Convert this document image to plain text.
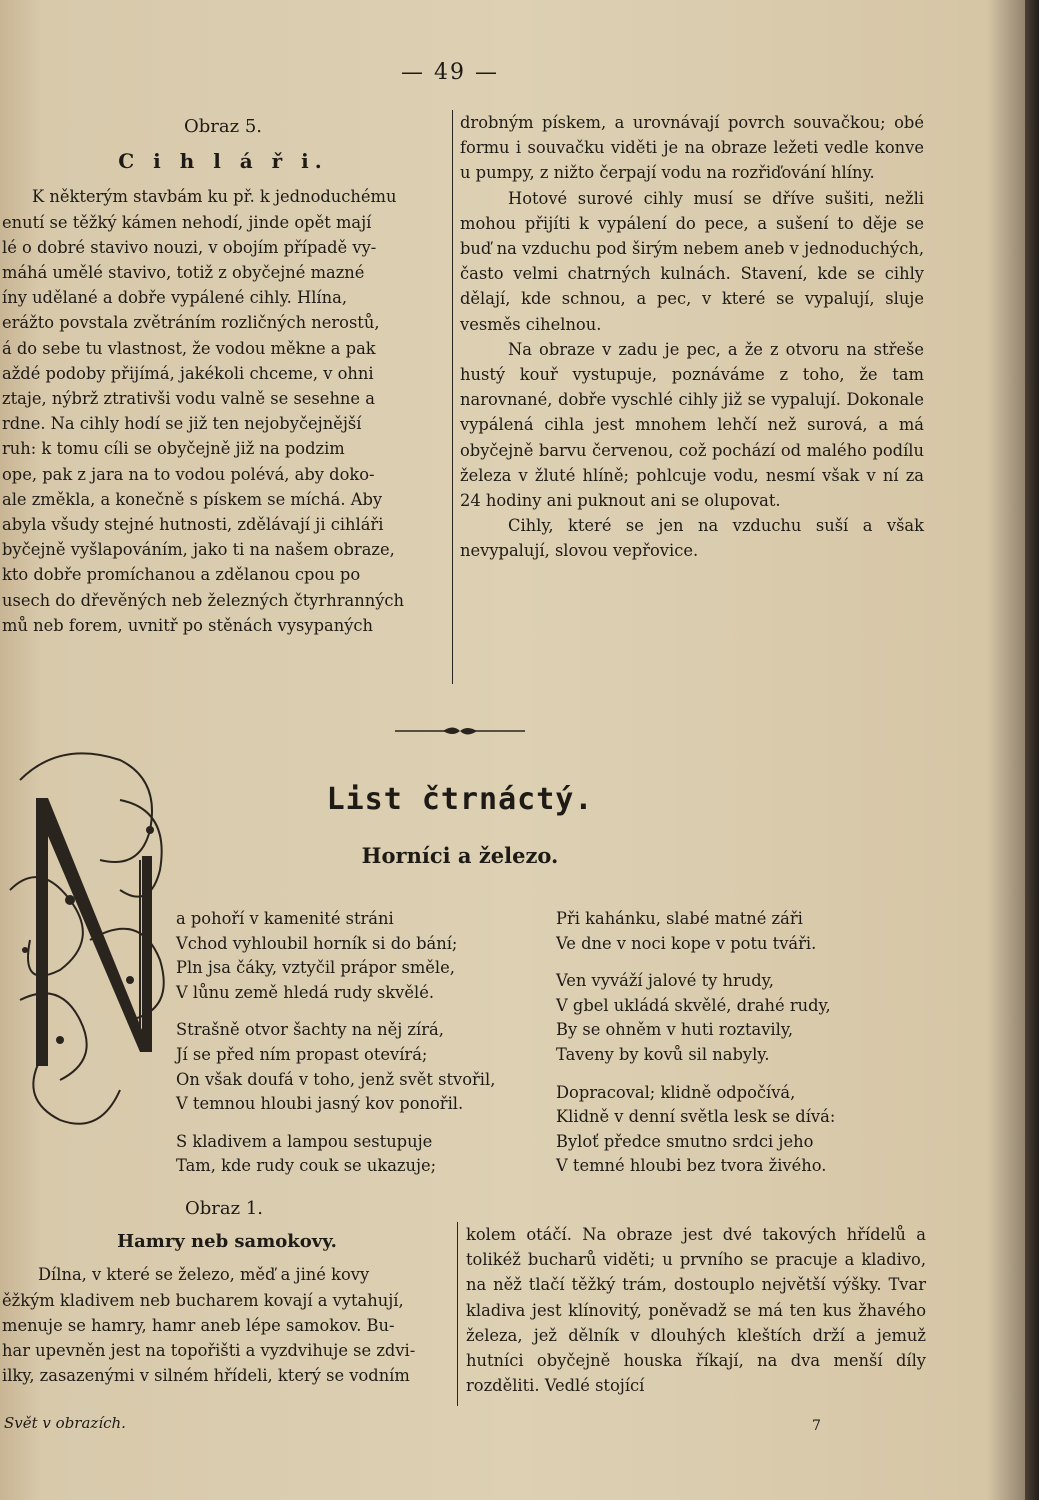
— 49 —

Obraz 5.

C i h l á ř i.

K některým stavbám ku př. k jednoduchému
enutí se těžký kámen nehodí, jinde opět mají
lé o dobré stavivo nouzi, v obojím případě vy-
máhá umělé stavivo, totiž z obyčejné mazné
íny udělané a dobře vypálené cihly. Hlína,
erážto povstala zvětráním rozličných nerostů,
á do sebe tu vlastnost, že vodou měkne a pak
aždé podoby přijímá, jakékoli chceme, v ohni
ztaje, nýbrž ztrativši vodu valně se sesehne a
rdne. Na cihly hodí se již ten nejobyčejnější
ruh: k tomu cíli se obyčejně již na podzim
ope, pak z jara na to vodou polévá, aby doko-
ale změkla, a konečně s pískem se míchá. Aby
abyla všudy stejné hutnosti, zdělávají ji cihláři
byčejně vyšlapováním, jako ti na našem obraze,
kto dobře promíchanou a zdělanou cpou po
usech do dřevěných neb železných čtyrhranných
mů neb forem, uvnitř po stěnách vysypaných

drobným pískem, a urovnávají povrch souvačkou; obé formu i souvačku viděti je na obraze ležeti vedle konve u pumpy, z nižto čerpají vodu na rozřiďování hlíny.

Hotové surové cihly musí se dříve sušiti, nežli mohou přijíti k vypálení do pece, a sušení to děje se buď na vzduchu pod širým nebem aneb v jednoduchých, často velmi chatrných kulnách. Stavení, kde se cihly dělají, kde schnou, a pec, v které se vypalují, sluje vesměs cihelnou.

Na obraze v zadu je pec, a že z otvoru na střeše hustý kouř vystupuje, poznáváme z toho, že tam narovnané, dobře vyschlé cihly již se vypalují. Dokonale vypálená cihla jest mnohem lehčí než surová, a má obyčejně barvu červenou, což pochází od malého podílu železa v žluté hlíně; pohlcuje vodu, nesmí však v ní za 24 hodiny ani puknout ani se olupovat.

Cihly, které se jen na vzduchu suší a však nevypalují, slovou vepřovice.

List čtrnáctý.
Horníci a železo.
a pohoří v kamenité stráni
Vchod vyhloubil horník si do bání;
Pln jsa čáky, vztyčil prápor směle,
V lůnu země hledá rudy skvělé.
Strašně otvor šachty na něj zírá,
Jí se před ním propast otevírá;
On však doufá v toho, jenž svět stvořil,
V temnou hloubi jasný kov ponořil.
S kladivem a lampou sestupuje
Tam, kde rudy couk se ukazuje;
Při kahánku, slabé matné záři
Ve dne v noci kope v potu tváři.
Ven vyváží jalové ty hrudy,
V gbel ukládá skvělé, drahé rudy,
By se ohněm v huti roztavily,
Taveny by kovů sil nabyly.
Dopracoval; klidně odpočívá,
Klidně v denní světla lesk se dívá:
Byloť předce smutno srdci jeho
V temné hloubi bez tvora živého.

Obraz 1.

Hamry neb samokovy.

Dílna, v které se železo, měď a jiné kovy
ěžkým kladivem neb bucharem kovají a vytahují,
menuje se hamry, hamr aneb lépe samokov. Bu-
har upevněn jest na topořišti a vyzdvihuje se zdvi-
ilky, zasazenými v silném hřídeli, který se vodním

kolem otáčí. Na obraze jest dvé takových hřídelů a tolikéž bucharů viděti; u prvního se pracuje a kladivo, na něž tlačí těžký trám, dostouplo největší výšky. Tvar kladiva jest klínovitý, poněvadž se má ten kus žhavého železa, jež dělník v dlouhých kleštích drží a jemuž hutníci obyčejně houska říkají, na dva menší díly rozděliti. Vedlé stojící

Svět v obrazích.	7
